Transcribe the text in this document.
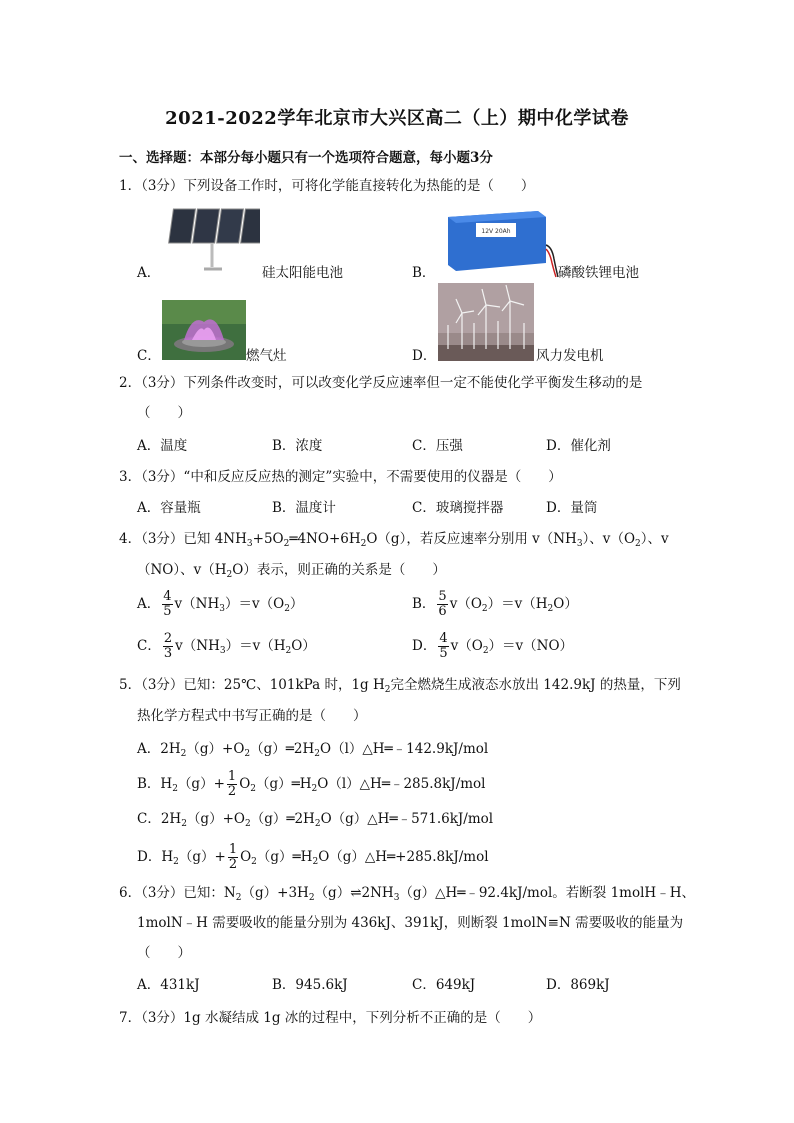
2021-2022学年北京市大兴区高二（上）期中化学试卷
一、选择题：本部分每小题只有一个选项符合题意，每小题3分
1．（3分）下列设备工作时，可将化学能直接转化为热能的是（　　）
A．	硅太阳能电池
12V 20Ah
B．	磷酸铁锂电池
C．	燃气灶	D．	风力发电机
2．（3分）下列条件改变时，可以改变化学反应速率但一定不能使化学平衡发生移动的是
（　　）
A．温度	B．浓度	C．压强	D．催化剂
3．（3分）“中和反应反应热的测定”实验中，不需要使用的仪器是（　　）
A．容量瓶	B．温度计	C．玻璃搅拌器	D．量筒
4．（3分）已知 $4NH_3+5O_2═4NO+6H_2O(g)$，若反应速率分别用 $v(NH_3)$、$v(O_2)$、v
（NO）、$v(H_2O)$表示，则正确的关系是（　　）
A． $\frac{4}{5} v(NH_3)=v(O_2)$	B． $\frac{5}{6} v(O_2)=v(H_2O)$
C． $\frac{2}{3} v(NH_3)=v(H_2O)$	D． $\frac{4}{5} v(O_2)=v(NO)$
5．（3分）已知：25℃、101kPa 时，1g $H_2$完全燃烧生成液态水放出 142.9kJ 的热量，下列
热化学方程式中书写正确的是（　　）
A．$2H_2(g)+O_2(g)═2H_2O(l)\triangle H═﹣142.9kJ$/mol
B．$H_2(g)+ \frac{1}{2}$ $O_2(g)═H_2O(l)\triangle H═﹣285.8kJ$/mol
C．$2H_2(g)+O_2(g)═2H_2O(g)\triangle H═﹣571.6kJ$/mol
D．$H_2(g)+ \frac{1}{2}$ $O_2(g)═H_2O(g)\triangle H═+285.8kJ$/mol
6．（3分）已知：$N_2(g)+3H_2(g)\rightleftharpoons 2NH_3(g)\triangle H═﹣92.4kJ$/mol。若断裂 1molH﹣H、
1molN﹣H 需要吸收的能量分别为 436kJ、391kJ，则断裂 1molN≡N 需要吸收的能量为
（　　）
A．431kJ	B．945.6kJ	C．649kJ	D．869kJ
7．（3分）1g 水凝结成 1g 冰的过程中，下列分析不正确的是（　　）
